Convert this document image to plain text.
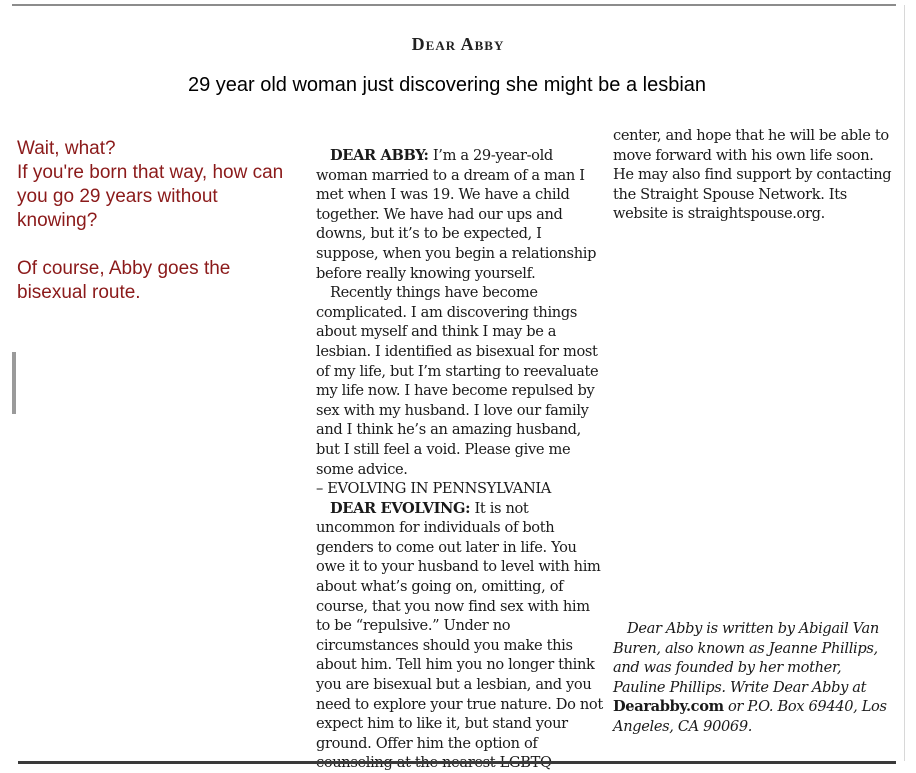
Dear Abby
29 year old woman just discovering she might be a lesbian
Wait, what?
If you're born that way, how can you go 29 years without knowing?
Of course, Abby goes the bisexual route.

DEAR ABBY: I’m a 29-year-old woman married to a dream of a man I met when I was 19. We have a child together. We have had our ups and downs, but it’s to be expected, I suppose, when you begin a relationship before really knowing yourself.

Recently things have become complicated. I am discovering things about myself and think I may be a lesbian. I identified as bisexual for most of my life, but I’m starting to reevaluate my life now. I have become repulsed by sex with my husband. I love our family and I think he’s an amazing husband, but I still feel a void. Please give me some advice.

– EVOLVING IN PENNSYLVANIA

DEAR EVOLVING: It is not uncommon for individuals of both genders to come out later in life. You owe it to your husband to level with him about what’s going on, omitting, of course, that you now find sex with him to be “repulsive.” Under no circumstances should you make this about him. Tell him you no longer think you are bisexual but a lesbian, and you need to explore your true nature. Do not expect him to like it, but stand your ground. Offer him the option of

center, and hope that he will be able to move forward with his own life soon. He may also find support by contacting the Straight Spouse Network. Its website is straightspouse.org.

Dear Abby is written by Abigail Van Buren, also known as Jeanne Phillips, and was founded by her mother, Pauline Phillips. Write Dear Abby at Dearabby.com or P.O. Box 69440, Los Angeles, CA 90069.
